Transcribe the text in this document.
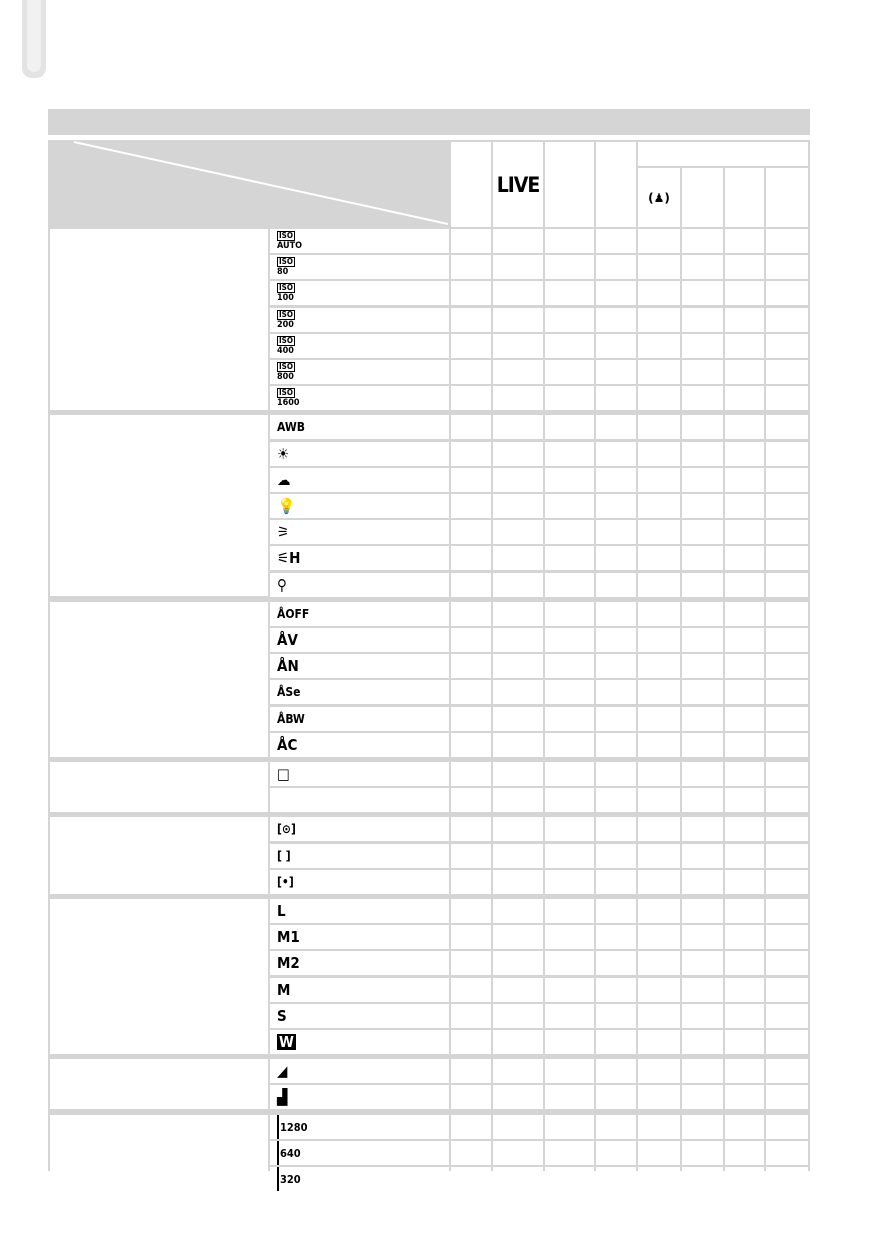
ISO
AUTO
ISO
80
ISO
100
ISO
200
ISO
400
ISO
800
ISO
1600
AWB
☀
☁
💡
⚞
⚟H
⚲
ÅOFF
ÅV
ÅN
ÅSe
ÅBW
ÅC
□
[⊙]
[ ]
[•]
L
M1
M2
M
S
W
◢
▟
1280
640
320
LIVE
(♟)
